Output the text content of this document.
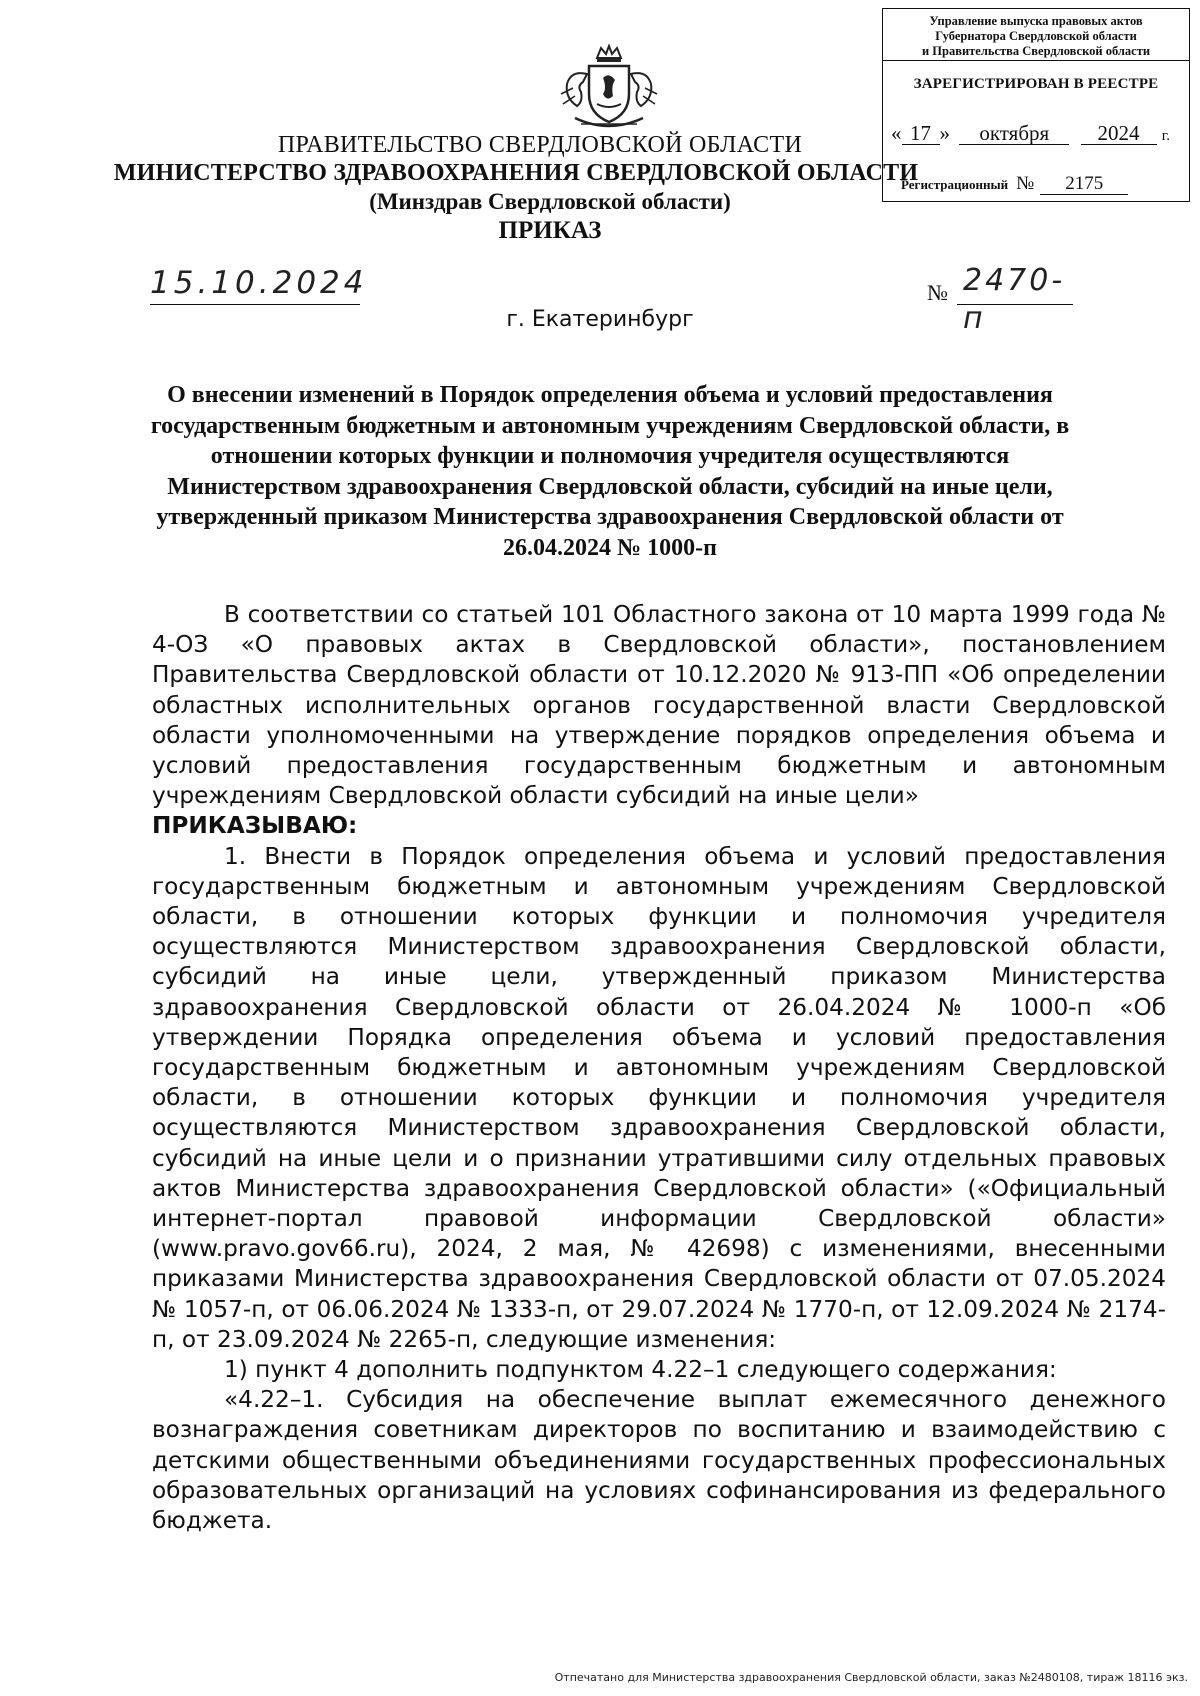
Управление выпуска правовых актов
Губернатора Свердловской области
и Правительства Свердловской области
ЗАРЕГИСТРИРОВАН В РЕЕСТРЕ
« 17 » октября 2024 г.
Регистрационный № 2175
ПРАВИТЕЛЬСТВО СВЕРДЛОВСКОЙ ОБЛАСТИ
МИНИСТЕРСТВО ЗДРАВООХРАНЕНИЯ СВЕРДЛОВСКОЙ ОБЛАСТИ
(Минздрав Свердловской области)
ПРИКАЗ
15.10.2024	№ 2470-п
г. Екатеринбург
О внесении изменений в Порядок определения объема и условий предоставления государственным бюджетным и автономным учреждениям Свердловской области, в отношении которых функции и полномочия учредителя осуществляются Министерством здравоохранения Свердловской области, субсидий на иные цели, утвержденный приказом Министерства здравоохранения Свердловской области от 26.04.2024 № 1000-п

В соответствии со статьей 101 Областного закона от 10 марта 1999 года № 4-ОЗ «О правовых актах в Свердловской области», постановлением Правительства Свердловской области от 10.12.2020 № 913-ПП «Об определении областных исполнительных органов государственной власти Свердловской области уполномоченными на утверждение порядков определения объема и условий предоставления государственным бюджетным и автономным учреждениям Свердловской области субсидий на иные цели»

ПРИКАЗЫВАЮ:

1. Внести в Порядок определения объема и условий предоставления государственным бюджетным и автономным учреждениям Свердловской области, в отношении которых функции и полномочия учредителя осуществляются Министерством здравоохранения Свердловской области, субсидий на иные цели, утвержденный приказом Министерства здравоохранения Свердловской области от 26.04.2024 № 1000-п «Об утверждении Порядка определения объема и условий предоставления государственным бюджетным и автономным учреждениям Свердловской области, в отношении которых функции и полномочия учредителя осуществляются Министерством здравоохранения Свердловской области, субсидий на иные цели и о признании утратившими силу отдельных правовых актов Министерства здравоохранения Свердловской области» («Официальный интернет-портал правовой информации Свердловской области» (www.pravo.gov66.ru), 2024, 2 мая, № 42698) с изменениями, внесенными приказами Министерства здравоохранения Свердловской области от 07.05.2024 № 1057-п, от 06.06.2024 № 1333-п, от 29.07.2024 № 1770-п, от 12.09.2024 № 2174-п, от 23.09.2024 № 2265-п, следующие изменения:

1) пункт 4 дополнить подпунктом 4.22–1 следующего содержания:

«4.22–1. Субсидия на обеспечение выплат ежемесячного денежного вознаграждения советникам директоров по воспитанию и взаимодействию с детскими общественными объединениями государственных профессиональных образовательных организаций на условиях софинансирования из федерального бюджета.

Отпечатано для Министерства здравоохранения Свердловской области, заказ №2480108, тираж 18116 экз.
